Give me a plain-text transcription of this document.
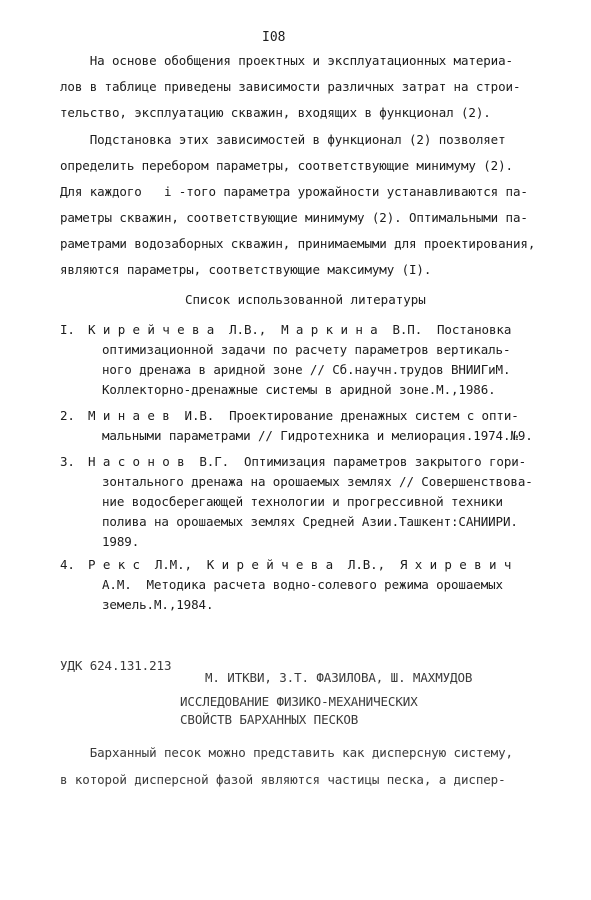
I08
На основе обобщения проектных и эксплуатационных материа-
лов в таблице приведены зависимости различных затрат на строи-
тельство, эксплуатацию скважин, входящих в функционал (2).
Подстановка этих зависимостей в функционал (2) позволяет
определить перебором параметры, соответствующие минимуму (2).
Для каждого   і -того параметра урожайности устанавливаются па-
раметры скважин, соответствующие минимуму (2). Оптимальными па-
раметрами водозаборных скважин, принимаемыми для проектирования,
являются параметры, соответствующие максимуму (I).
Список использованной литературы
I. К и р е й ч е в а  Л.В.,  М а р к и н а  В.П.  Постановка
оптимизационной задачи по расчету параметров вертикаль-
ного дренажа в аридной зоне // Сб.научн.трудов ВНИИГиМ.
Коллекторно-дренажные системы в аридной зоне.М.,1986.
2. М и н а е в  И.В.  Проектирование дренажных систем с опти-
мальными параметрами // Гидротехника и мелиорация.1974.№9.
3. Н а с о н о в  В.Г.  Оптимизация параметров закрытого гори-
зонтального дренажа на орошаемых землях // Совершенствова-
ние водосберегающей технологии и прогрессивной техники
полива на орошаемых землях Средней Азии.Ташкент:САНИИРИ.
1989.
4. Р е к с  Л.М.,  К и р е й ч е в а  Л.В.,  Я х и р е в и ч
А.М.  Методика расчета водно-солевого режима орошаемых
земель.М.,1984.
УДК 624.131.213
М. ИТКВИ, З.Т. ФАЗИЛОВА, Ш. МАХМУДОВ
ИССЛЕДОВАНИЕ ФИЗИКО-МЕХАНИЧЕСКИХ
СВОЙСТВ БАРХАННЫХ ПЕСКОВ
Барханный песок можно представить как дисперсную систему,
в которой дисперсной фазой являются частицы песка, а диспер-
